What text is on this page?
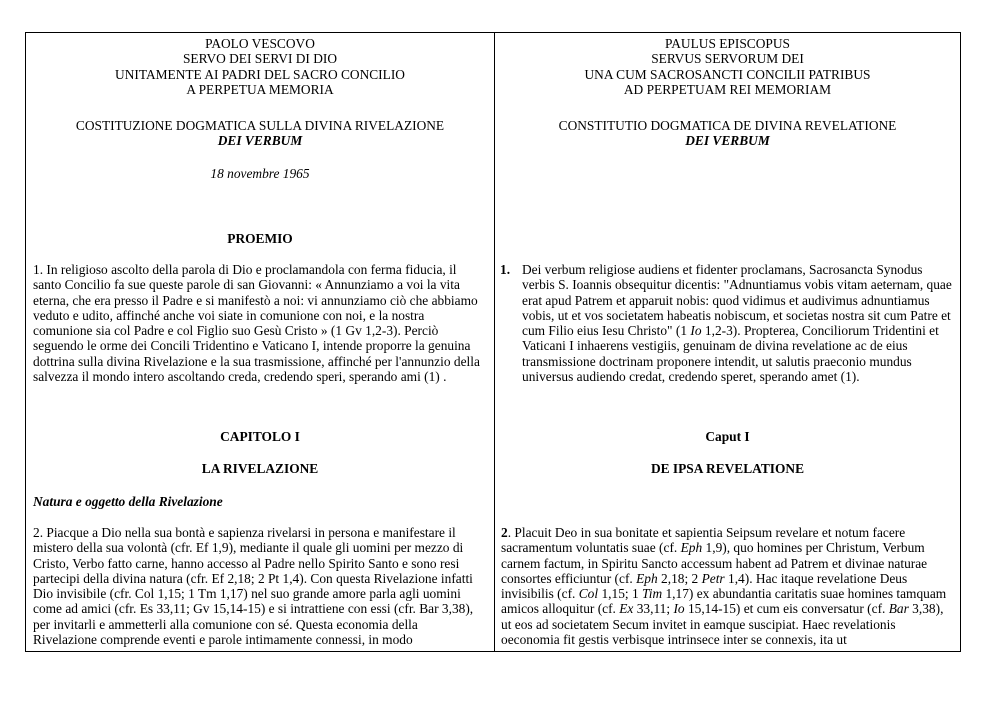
PAOLO VESCOVO
SERVO DEI SERVI DI DIO
UNITAMENTE AI PADRI DEL SACRO CONCILIO
A PERPETUA MEMORIA
COSTITUZIONE DOGMATICA SULLA DIVINA RIVELAZIONE
DEI VERBUM
18 novembre 1965
PROEMIO
1. In religioso ascolto della parola di Dio e proclamandola con ferma fiducia, il santo Concilio fa sue queste parole di san Giovanni: « Annunziamo a voi la vita eterna, che era presso il Padre e si manifestò a noi: vi annunziamo ciò che abbiamo veduto e udito, affinché anche voi siate in comunione con noi, e la nostra comunione sia col Padre e col Figlio suo Gesù Cristo » (1 Gv 1,2-3). Perciò seguendo le orme dei Concili Tridentino e Vaticano I, intende proporre la genuina dottrina sulla divina Rivelazione e la sua trasmissione, affinché per l'annunzio della salvezza il mondo intero ascoltando creda, credendo speri, sperando ami (1) .
CAPITOLO I
LA RIVELAZIONE
Natura e oggetto della Rivelazione
2. Piacque a Dio nella sua bontà e sapienza rivelarsi in persona e manifestare il mistero della sua volontà (cfr. Ef 1,9), mediante il quale gli uomini per mezzo di Cristo, Verbo fatto carne, hanno accesso al Padre nello Spirito Santo e sono resi partecipi della divina natura (cfr. Ef 2,18; 2 Pt 1,4). Con questa Rivelazione infatti Dio invisibile (cfr. Col 1,15; 1 Tm 1,17) nel suo grande amore parla agli uomini come ad amici (cfr. Es 33,11; Gv 15,14-15) e si intrattiene con essi (cfr. Bar 3,38), per invitarli e ammetterli alla comunione con sé. Questa economia della Rivelazione comprende eventi e parole intimamente connessi, in modo
PAULUS EPISCOPUS
SERVUS SERVORUM DEI
UNA CUM SACROSANCTI CONCILII PATRIBUS
AD PERPETUAM REI MEMORIAM
CONSTITUTIO DOGMATICA DE DIVINA REVELATIONE
DEI VERBUM
1. Dei verbum religiose audiens et fidenter proclamans, Sacrosancta Synodus verbis S. Ioannis obsequitur dicentis: "Adnuntiamus vobis vitam aeternam, quae erat apud Patrem et apparuit nobis: quod vidimus et audivimus adnuntiamus vobis, ut et vos societatem habeatis nobiscum, et societas nostra sit cum Patre et cum Filio eius Iesu Christo" (1 Io 1,2-3). Propterea, Conciliorum Tridentini et Vaticani I inhaerens vestigiis, genuinam de divina revelatione ac de eius transmissione doctrinam proponere intendit, ut salutis praeconio mundus universus audiendo credat, credendo speret, sperando amet (1).
Caput I
DE IPSA REVELATIONE
2. Placuit Deo in sua bonitate et sapientia Seipsum revelare et notum facere sacramentum voluntatis suae (cf. Eph 1,9), quo homines per Christum, Verbum carnem factum, in Spiritu Sancto accessum habent ad Patrem et divinae naturae consortes efficiuntur (cf. Eph 2,18; 2 Petr 1,4). Hac itaque revelatione Deus invisibilis (cf. Col 1,15; 1 Tim 1,17) ex abundantia caritatis suae homines tamquam amicos alloquitur (cf. Ex 33,11; Io 15,14-15) et cum eis conversatur (cf. Bar 3,38), ut eos ad societatem Secum invitet in eamque suscipiat. Haec revelationis oeconomia fit gestis verbisque intrinsece inter se connexis, ita ut
